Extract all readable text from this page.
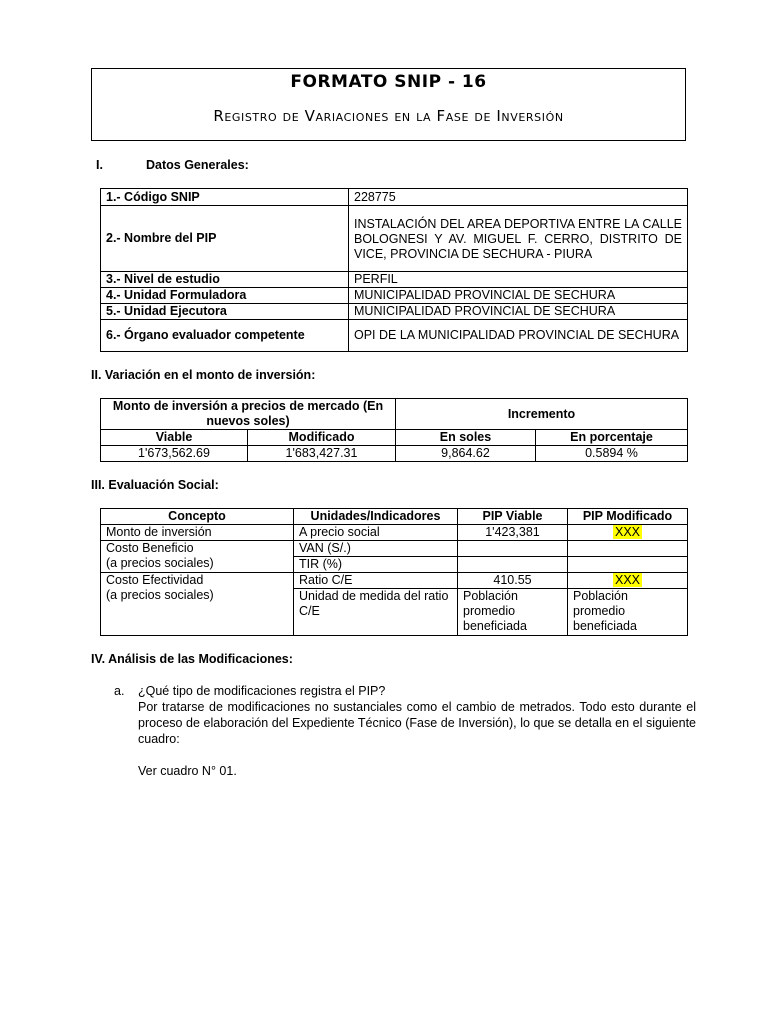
FORMATO SNIP - 16
Registro de Variaciones en la Fase de Inversión
I.	Datos Generales:
1.- Código SNIP	228775
2.- Nombre del PIP	INSTALACIÓN DEL AREA DEPORTIVA ENTRE LA CALLE BOLOGNESI Y AV. MIGUEL F. CERRO, DISTRITO DE VICE, PROVINCIA DE SECHURA - PIURA
3.- Nivel de estudio	PERFIL
4.- Unidad Formuladora	MUNICIPALIDAD PROVINCIAL DE SECHURA
5.- Unidad Ejecutora	MUNICIPALIDAD PROVINCIAL DE SECHURA
6.- Órgano evaluador competente	OPI DE LA MUNICIPALIDAD PROVINCIAL DE SECHURA
II. Variación en el monto de inversión:
Monto de inversión a precios de mercado (En nuevos soles)		Incremento	
Viable	Modificado	En soles	En porcentaje
1'673,562.69	1'683,427.31	9,864.62	0.5894 %
III. Evaluación Social:
Concepto	Unidades/Indicadores	PIP Viable	PIP Modificado
Monto de inversión	A precio social	1'423,381	XXX

Costo Beneficio
(a precios sociales)	VAN (S/.)		
	TIR (%)		

Costo Efectividad
(a precios sociales)	Ratio C/E	410.55	XXX
	Unidad de medida del ratio C/E	Población promedio beneficiada	Población promedio beneficiada
IV. Análisis de las Modificaciones:
a. ¿Qué tipo de modificaciones registra el PIP?
Por tratarse de modificaciones no sustanciales como el cambio de metrados. Todo esto durante el proceso de elaboración del Expediente Técnico (Fase de Inversión), lo que se detalla en el siguiente cuadro:
Ver cuadro N° 01.
